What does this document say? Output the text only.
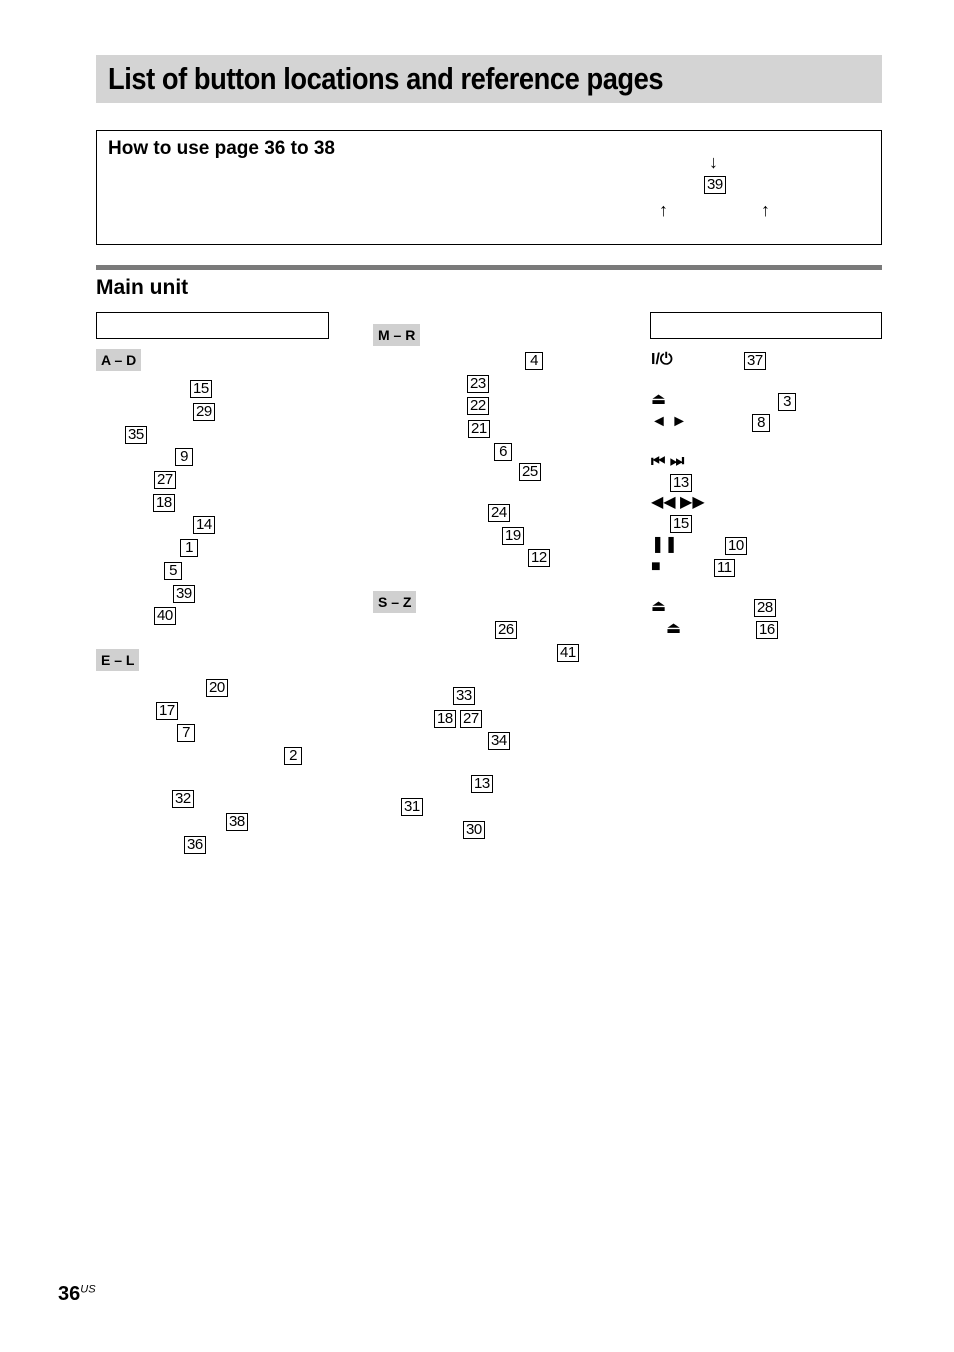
List of button locations and reference pages
How to use page 36 to 38
↓
39
↑	↑
Main unit
A – D
15
29
35
9
27
18
14
1
5
39
40
E – L
20
17
7
2
32
38
36
M – R
4
23
22
21
6
25
24
19
12
S – Z
26
41
33
18 27
34
13
31
30
I/⏻	37
⏏	3
◄ ►	8
⏮ ⏭
13
◀◀ ▶▶
15
❚❚	10
■	11
⏏	28
⏏	16
$36^{US}$
